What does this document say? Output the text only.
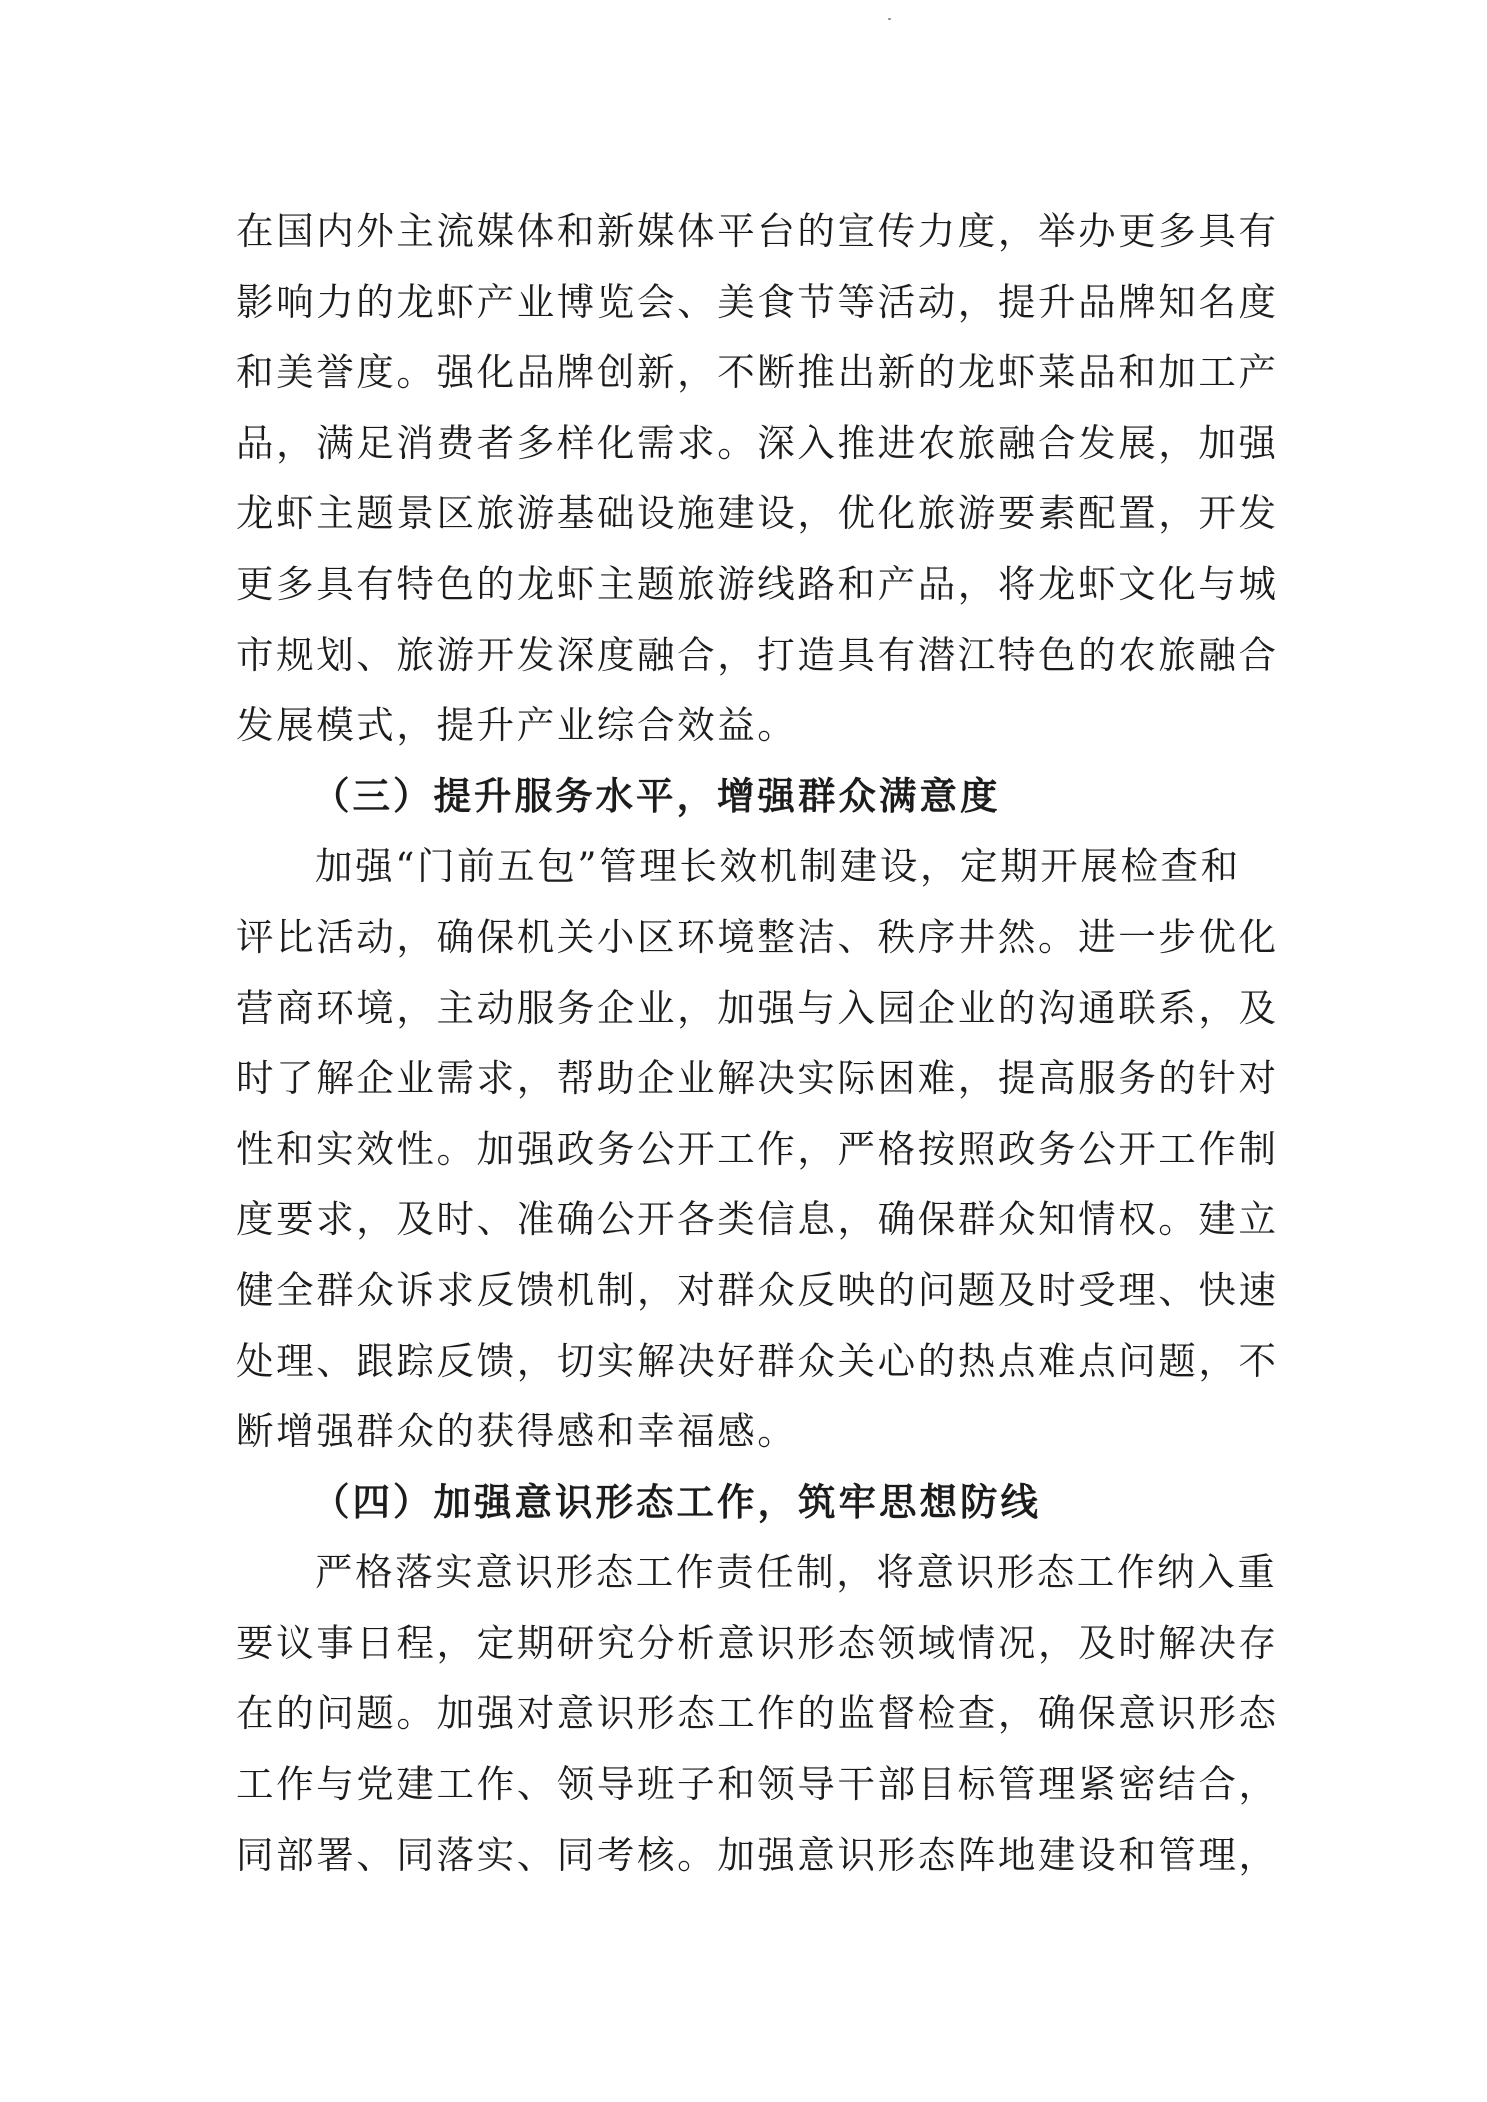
在国内外主流媒体和新媒体平台的宣传力度，举办更多具有
影响力的龙虾产业博览会、美食节等活动，提升品牌知名度
和美誉度。强化品牌创新，不断推出新的龙虾菜品和加工产
品，满足消费者多样化需求。深入推进农旅融合发展，加强
龙虾主题景区旅游基础设施建设，优化旅游要素配置，开发
更多具有特色的龙虾主题旅游线路和产品，将龙虾文化与城
市规划、旅游开发深度融合，打造具有潜江特色的农旅融合
发展模式，提升产业综合效益。
（三）提升服务水平，增强群众满意度
加强“门前五包”管理长效机制建设，定期开展检查和
评比活动，确保机关小区环境整洁、秩序井然。进一步优化
营商环境，主动服务企业，加强与入园企业的沟通联系，及
时了解企业需求，帮助企业解决实际困难，提高服务的针对
性和实效性。加强政务公开工作，严格按照政务公开工作制
度要求，及时、准确公开各类信息，确保群众知情权。建立
健全群众诉求反馈机制，对群众反映的问题及时受理、快速
处理、跟踪反馈，切实解决好群众关心的热点难点问题，不
断增强群众的获得感和幸福感。
（四）加强意识形态工作，筑牢思想防线
严格落实意识形态工作责任制，将意识形态工作纳入重
要议事日程，定期研究分析意识形态领域情况，及时解决存
在的问题。加强对意识形态工作的监督检查，确保意识形态
工作与党建工作、领导班子和领导干部目标管理紧密结合，
同部署、同落实、同考核。加强意识形态阵地建设和管理，
